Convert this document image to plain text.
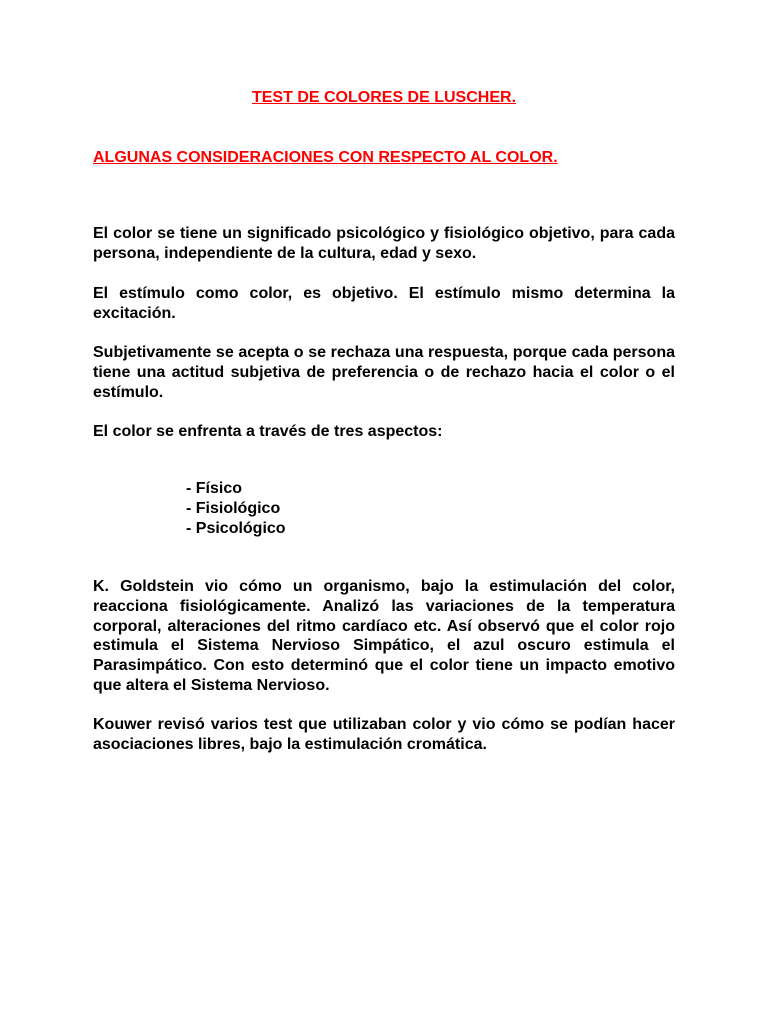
TEST DE COLORES DE LUSCHER.
ALGUNAS CONSIDERACIONES CON RESPECTO AL COLOR.

El color se tiene un significado psicológico y fisiológico objetivo, para cada persona, independiente de la cultura, edad y sexo.

El estímulo como color, es objetivo. El estímulo mismo determina la excitación.

Subjetivamente se acepta o se rechaza una respuesta, porque cada persona tiene una actitud subjetiva de preferencia o de rechazo hacia el color o el estímulo.

El color se enfrenta a través de tres aspectos:

- Físico
- Fisiológico
- Psicológico

K. Goldstein vio cómo un organismo, bajo la estimulación del color, reacciona fisiológicamente. Analizó las variaciones de la temperatura corporal, alteraciones del ritmo cardíaco etc. Así observó que el color rojo estimula el Sistema Nervioso Simpático, el azul oscuro estimula el Parasimpático. Con esto determinó que el color tiene un impacto emotivo que altera el Sistema Nervioso.

Kouwer revisó varios test que utilizaban color y vio cómo se podían hacer asociaciones libres, bajo la estimulación cromática.
